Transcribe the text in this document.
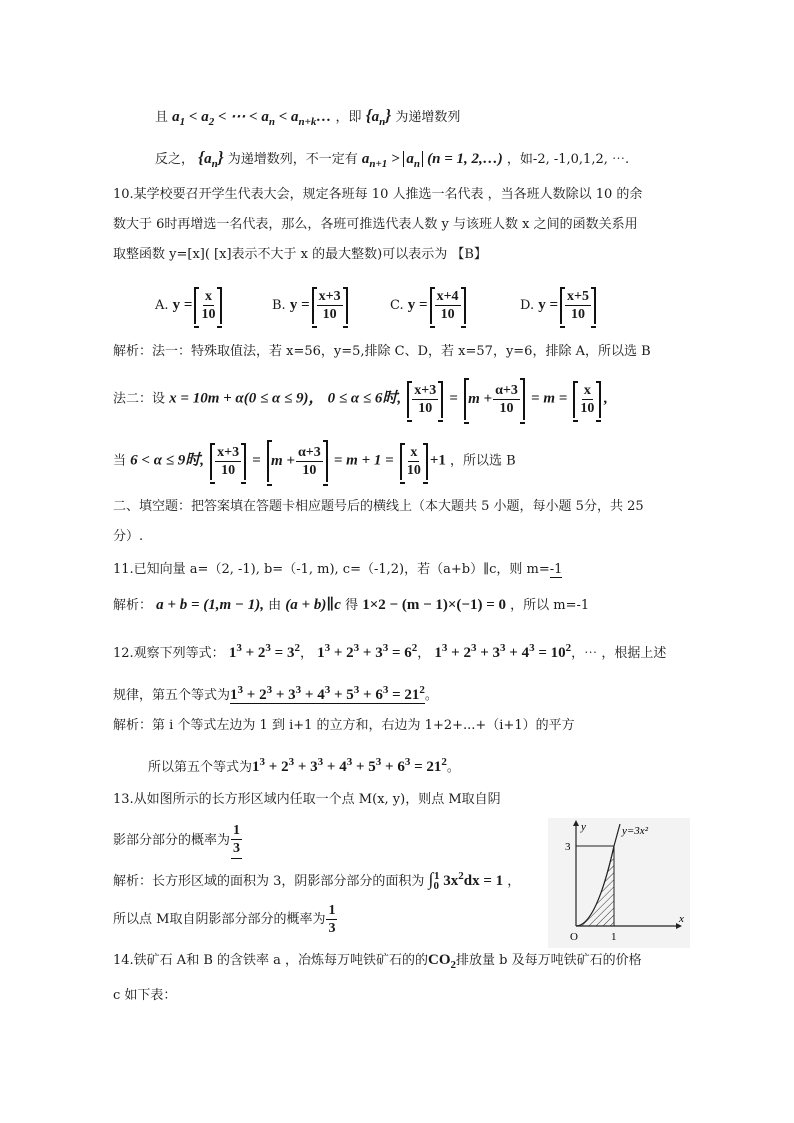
且 $a_1 < a_2$ < ⋯ < $a_n$ < $a_{n+k}\dots$ ，即 $\{a_n\}$ 为递增数列
反之， $\{a_n\}$ 为递增数列，不一定有 $a_{n+1} > a_n$ (n = 1, 2,…) ，如-2, -1,0,1,2, ⋯.
10.某学校要召开学生代表大会，规定各班每 10 人推选一名代表 ，当各班人数除以 10 的余
数大于 6时再增选一名代表，那么，各班可推选代表人数 y 与该班人数 x 之间的函数关系用
取整函数 y=[x]( [x]表示不大于 x 的最大整数)可以表示为 【B】
A. $y = \frac{x}{10}$	B. $y = \frac{x+3}{10}$	C. $y = \frac{x+4}{10}$	D. $y = \frac{x+5}{10}$
解析：法一：特殊取值法，若 x=56，y=5,排除 C、D，若 x=57，y=6，排除 A，所以选 B
法二：设 x = 10m + α(0 ≤ α ≤ 9)， 0 ≤ α ≤ 6时, $\frac{x+3}{10} = m + \frac{\alpha+3}{10} = m = \frac{x}{10}$ ,
当 6 < α ≤ 9时, $\frac{x+3}{10} = m + \frac{\alpha+3}{10} = m + 1 = \frac{x}{10} +1$ ，所以选 B
二、填空题：把答案填在答题卡相应题号后的横线上（本大题共 5 小题，每小题 5分，共 25
分）.
11.已知向量 a=（2, -1), b=（-1, m), c=（-1,2)，若（a+b）∥c，则 m=-1
解析： a + b = (1,m − 1), 由 (a + b)∥c 得 1×2 − (m − 1)×(−1) = 0 ，所以 m=-1
12.观察下列等式： $1^3 + 2^3 = 3^2$， $1^3 + 2^3 + 3^3 = 6^2$， $1^3 + 2^3 + 3^3 + 4^3 = 10^2$，⋯ ，根据上述
规律，第五个等式为$1^3 + 2^3 + 3^3 + 4^3 + 5^3 + 6^3 = 21^2$。
解析：第 i 个等式左边为 1 到 i+1 的立方和，右边为 1+2+...+（i+1）的平方
所以第五个等式为$1^3 + 2^3 + 3^3 + 4^3 + 5^3 + 6^3 = 21^2$。
13.从如图所示的长方形区域内任取一个点 M(x, y)，则点 M取自阴
影部分部分的概率为 $\frac{1}{3}$
解析：长方形区域的面积为 3，阴影部分部分的面积为 $\int_0^1$ $3x^2dx = 1$ ，
所以点 M取自阴影部分部分的概率为 $\frac{1}{3}$	O	1
3
y
x
y=3x²
14.铁矿石 A和 B 的含铁率 a ，冶炼每万吨铁矿石的的$CO_2$排放量 b 及每万吨铁矿石的价格
c 如下表：
